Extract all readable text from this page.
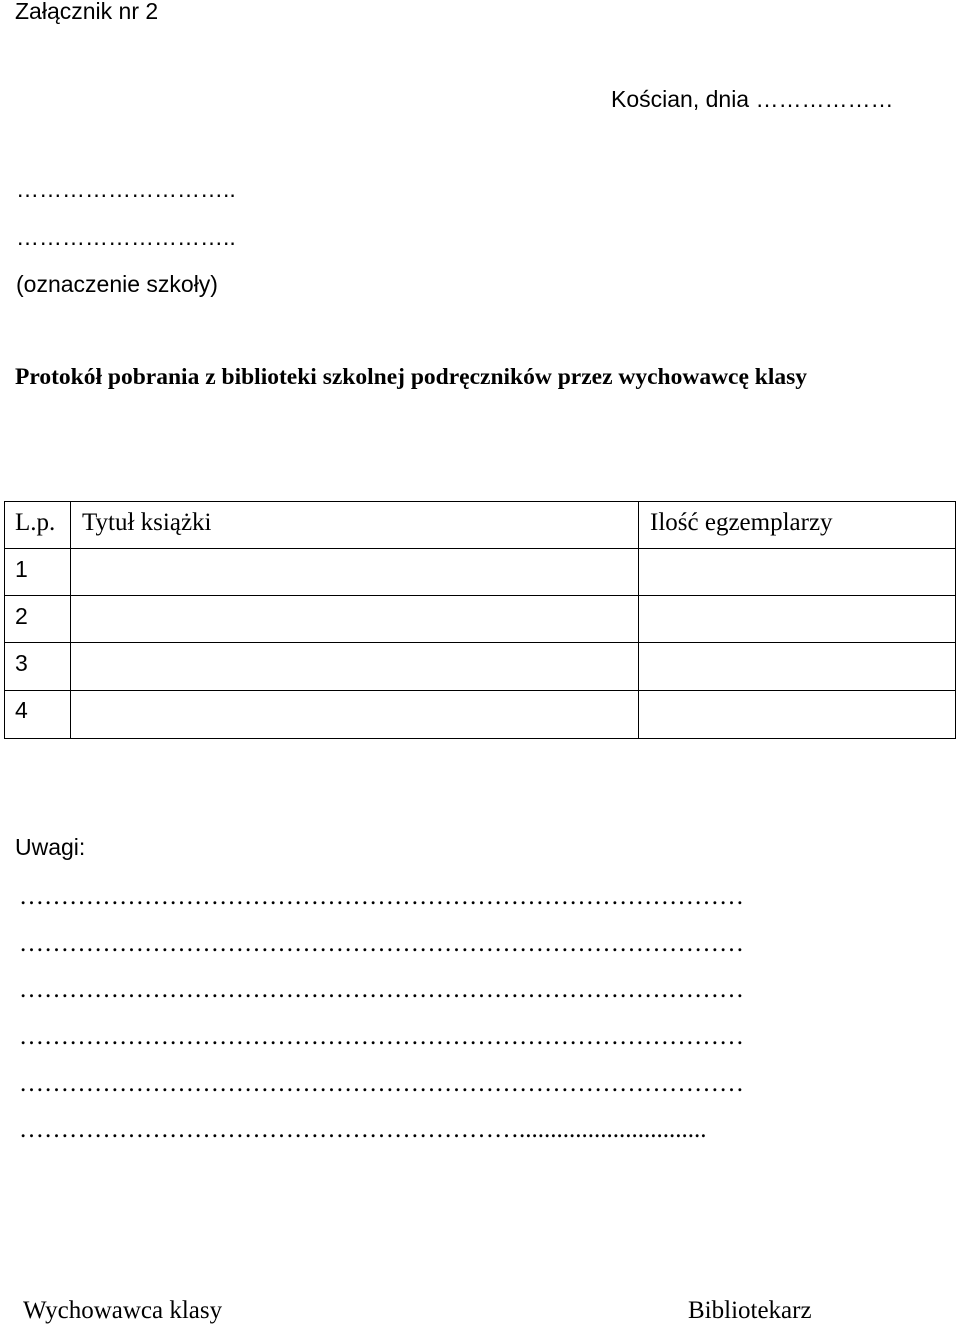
Załącznik nr 2
Kościan, dnia ………………
………………………..
………………………..
(oznaczenie szkoły)
Protokół pobrania z biblioteki szkolnej podręczników przez wychowawcę klasy
L.p. Tytuł książki	Ilość egzemplarzy
1
2
3
4
Uwagi:
……………………………………………………………………………
……………………………………………………………………………
……………………………………………………………………………
……………………………………………………………………………
……………………………………………………………………………
……………………………………………………..............................
Wychowawca klasy	Bibliotekarz
